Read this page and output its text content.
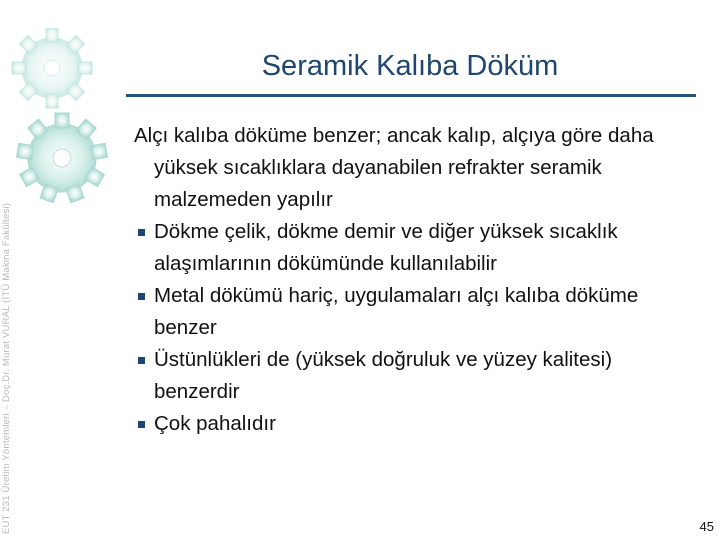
EUT 231 Üretim Yöntemleri – Doç.Dr. Murat VURAL (İTÜ Makina Fakültesi)
Seramik Kalıba Döküm
Alçı kalıba döküme benzer; ancak kalıp, alçıya göre daha yüksek sıcaklıklara dayanabilen refrakter seramik malzemeden yapılır
Dökme çelik, dökme demir ve diğer yüksek sıcaklık alaşımlarının dökümünde kullanılabilir
Metal dökümü hariç, uygulamaları alçı kalıba döküme benzer
Üstünlükleri de (yüksek doğruluk ve yüzey kalitesi) benzerdir
Çok pahalıdır
45
